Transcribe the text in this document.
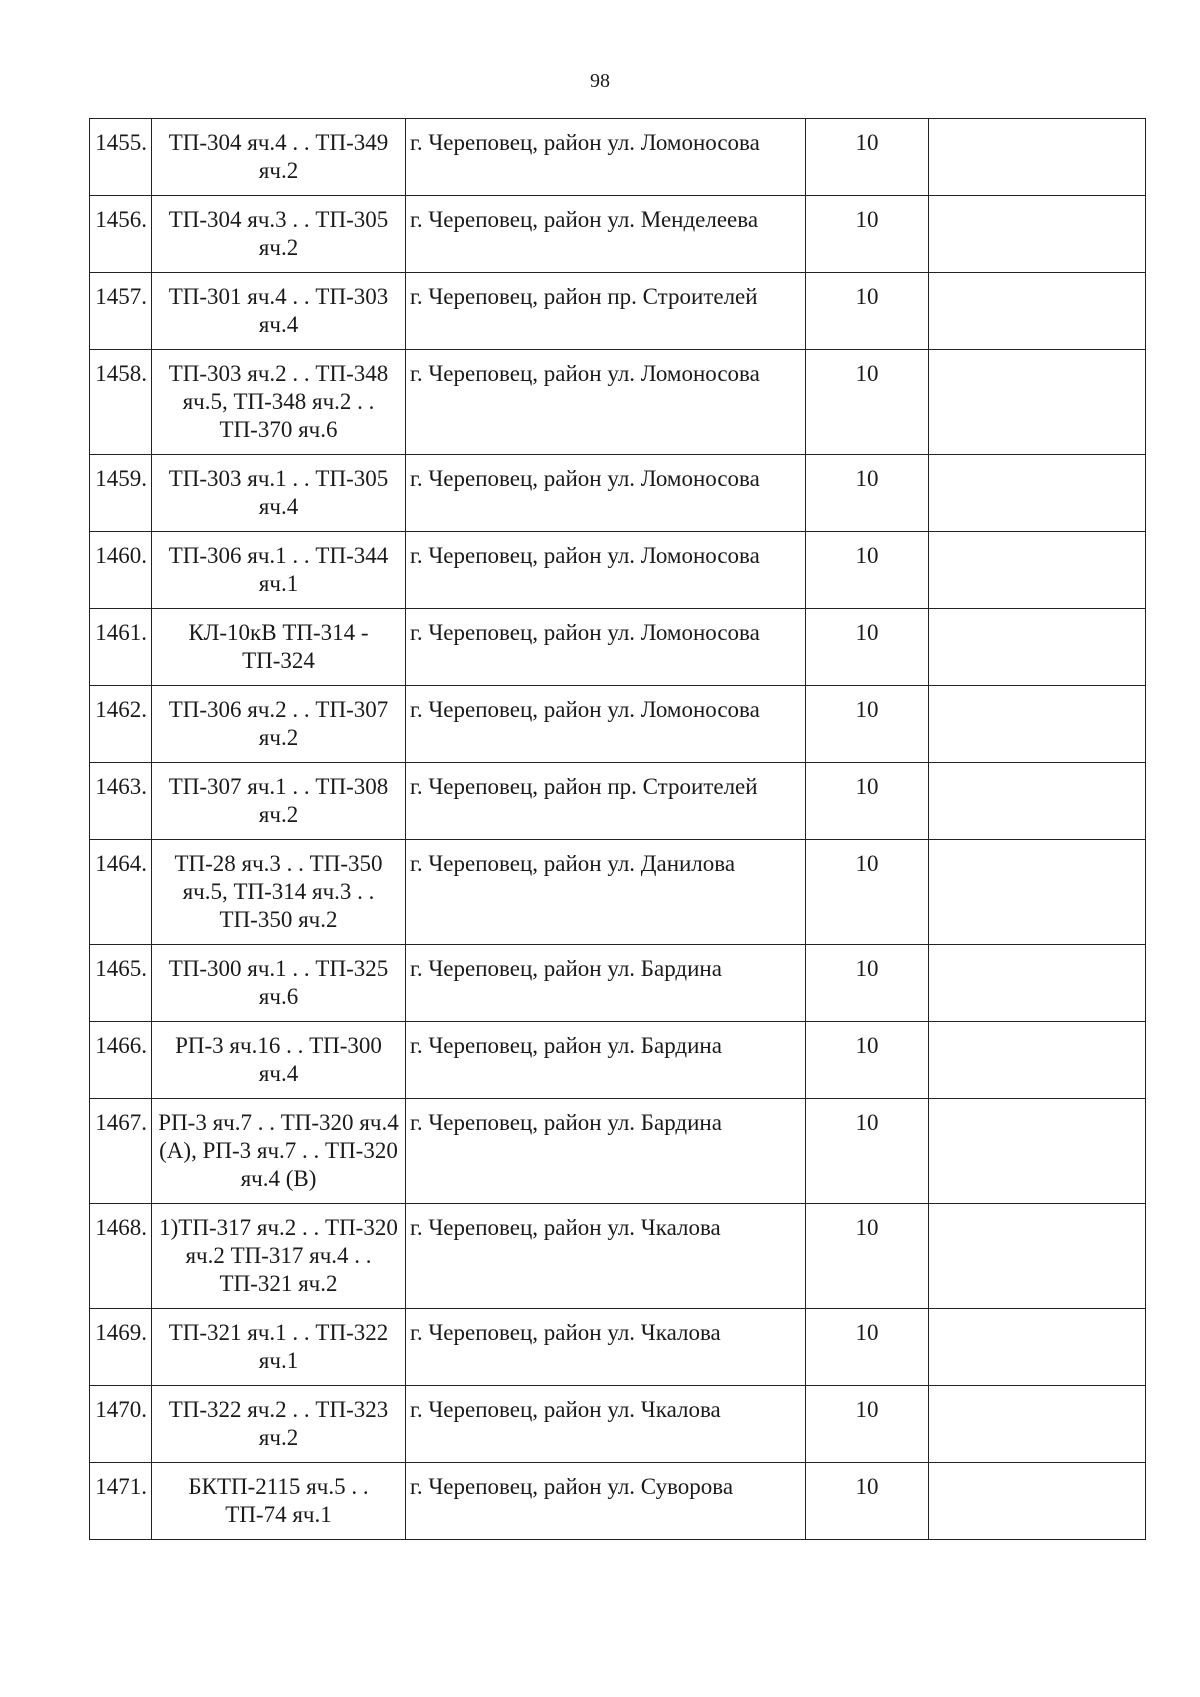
98
1455.	ТП-304 яч.4 . . ТП-349 яч.2	г. Череповец, район ул. Ломоносова	10	
1456.	ТП-304 яч.3 . . ТП-305 яч.2	г. Череповец, район ул. Менделеева	10	
1457.	ТП-301 яч.4 . . ТП-303 яч.4	г. Череповец, район пр. Строителей	10	
1458.	ТП-303 яч.2 . . ТП-348 яч.5, ТП-348 яч.2 . . ТП-370 яч.6	г. Череповец, район ул. Ломоносова	10	
1459.	ТП-303 яч.1 . . ТП-305 яч.4	г. Череповец, район ул. Ломоносова	10	
1460.	ТП-306 яч.1 . . ТП-344 яч.1	г. Череповец, район ул. Ломоносова	10	
1461.	КЛ-10кВ ТП-314 - ТП-324	г. Череповец, район ул. Ломоносова	10	
1462.	ТП-306 яч.2 . . ТП-307 яч.2	г. Череповец, район ул. Ломоносова	10	
1463.	ТП-307 яч.1 . . ТП-308 яч.2	г. Череповец, район пр. Строителей	10	
1464.	ТП-28 яч.3 . . ТП-350 яч.5, ТП-314 яч.3 . . ТП-350 яч.2	г. Череповец, район ул. Данилова	10	
1465.	ТП-300 яч.1 . . ТП-325 яч.6	г. Череповец, район ул. Бардина	10	
1466.	РП-3 яч.16 . . ТП-300 яч.4	г. Череповец, район ул. Бардина	10	
1467.	РП-3 яч.7 . . ТП-320 яч.4 (А), РП-3 яч.7 . . ТП-320 яч.4 (В)	г. Череповец, район ул. Бардина	10	
1468.	1)ТП-317 яч.2 . . ТП-320 яч.2 ТП-317 яч.4 . . ТП-321 яч.2	г. Череповец, район ул. Чкалова	10	
1469.	ТП-321 яч.1 . . ТП-322 яч.1	г. Череповец, район ул. Чкалова	10	
1470.	ТП-322 яч.2 . . ТП-323 яч.2	г. Череповец, район ул. Чкалова	10	
1471.	БКТП-2115 яч.5 . . ТП-74 яч.1	г. Череповец, район ул. Суворова	10	
